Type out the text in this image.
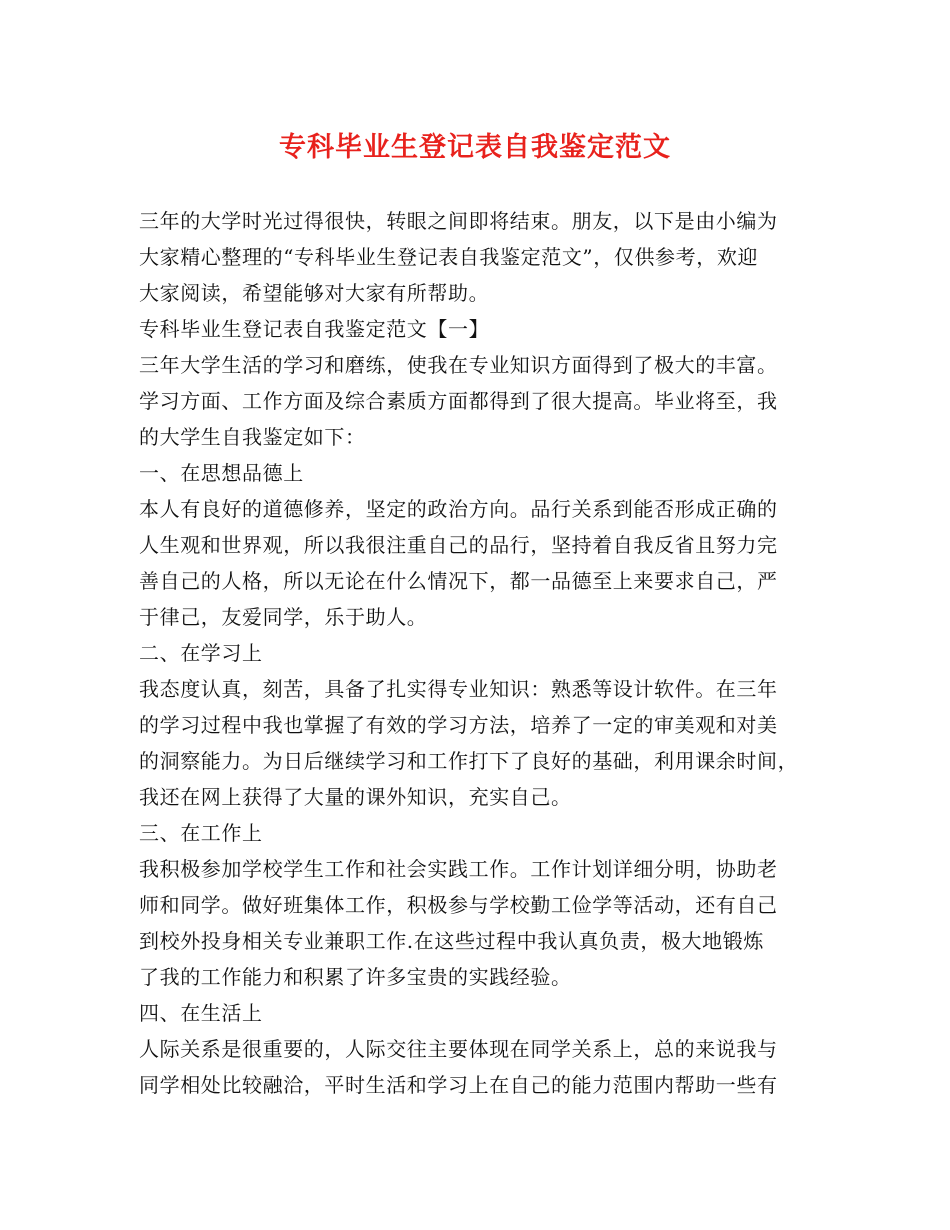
专科毕业生登记表自我鉴定范文
三年的大学时光过得很快，转眼之间即将结束。朋友，以下是由小编为
大家精心整理的“专科毕业生登记表自我鉴定范文”，仅供参考，欢迎
大家阅读，希望能够对大家有所帮助。
专科毕业生登记表自我鉴定范文【一】
三年大学生活的学习和磨练，使我在专业知识方面得到了极大的丰富。
学习方面、工作方面及综合素质方面都得到了很大提高。毕业将至，我
的大学生自我鉴定如下：
一、在思想品德上
本人有良好的道德修养，坚定的政治方向。品行关系到能否形成正确的
人生观和世界观，所以我很注重自己的品行，坚持着自我反省且努力完
善自己的人格，所以无论在什么情况下，都一品德至上来要求自己，严
于律己，友爱同学，乐于助人。
二、在学习上
我态度认真，刻苦，具备了扎实得专业知识：熟悉等设计软件。在三年
的学习过程中我也掌握了有效的学习方法，培养了一定的审美观和对美
的洞察能力。为日后继续学习和工作打下了良好的基础，利用课余时间，
我还在网上获得了大量的课外知识，充实自己。
三、在工作上
我积极参加学校学生工作和社会实践工作。工作计划详细分明，协助老
师和同学。做好班集体工作，积极参与学校勤工俭学等活动，还有自己
到校外投身相关专业兼职工作.在这些过程中我认真负责，极大地锻炼
了我的工作能力和积累了许多宝贵的实践经验。
四、在生活上
人际关系是很重要的，人际交往主要体现在同学关系上，总的来说我与
同学相处比较融洽，平时生活和学习上在自己的能力范围内帮助一些有
